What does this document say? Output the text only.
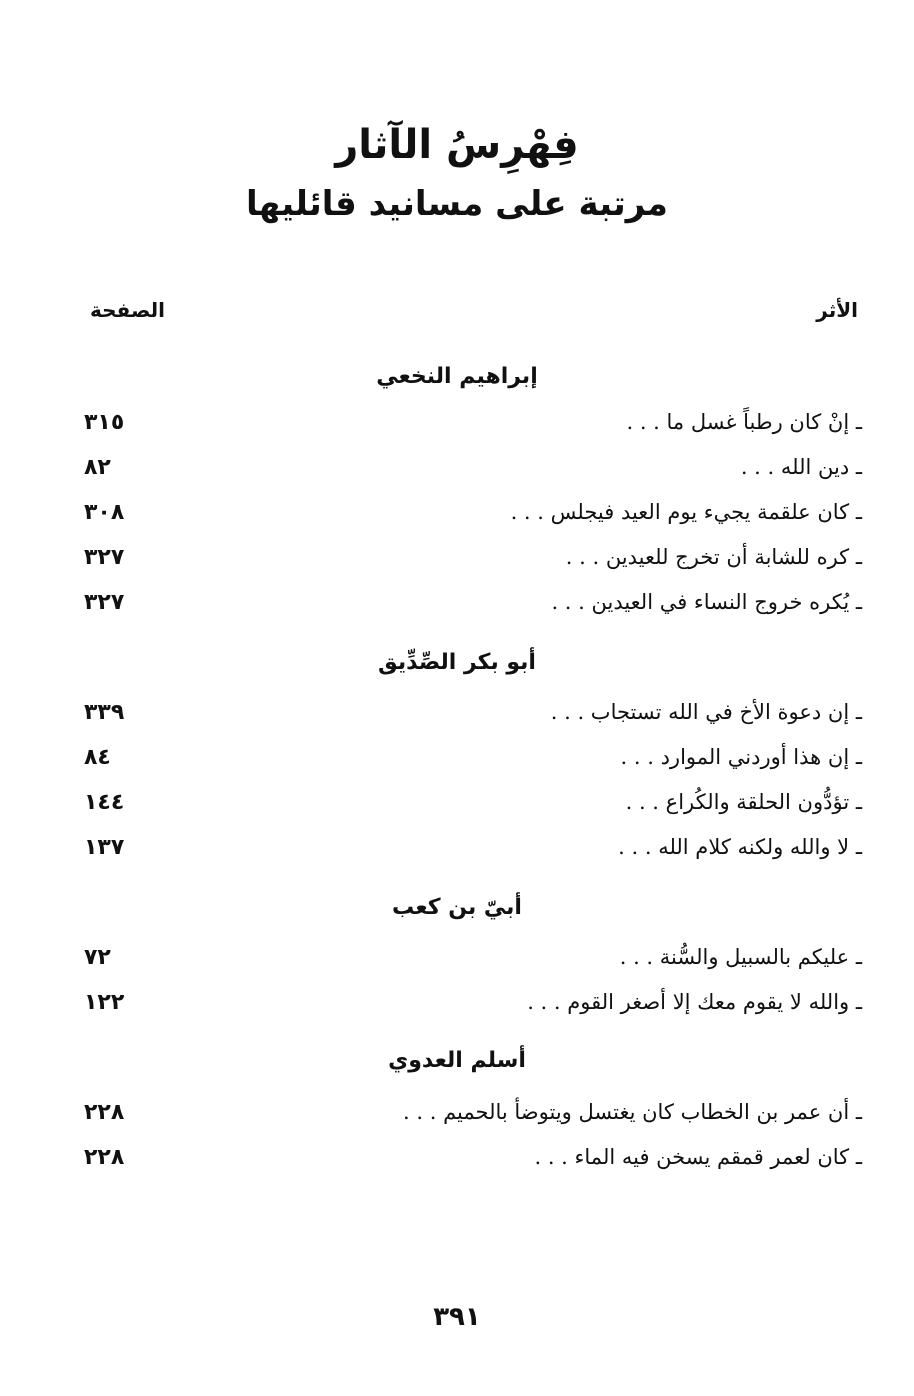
فِهْرِسُ الآثار
مرتبة على مسانيد قائليها
الأثر
الصفحة
إبراهيم النخعي
ـ إنْ كان رطباً غسل ما . . .
٣١٥
ـ دين الله . . .
٨٢
ـ كان علقمة يجيء يوم العيد فيجلس . . .
٣٠٨
ـ كره للشابة أن تخرج للعيدين . . .
٣٢٧
ـ يُكره خروج النساء في العيدين . . .
٣٢٧
أبو بكر الصِّدِّيق
ـ إن دعوة الأخ في الله تستجاب . . .
٣٣٩
ـ إن هذا أوردني الموارد . . .
٨٤
ـ تؤدُّون الحلقة والكُراع . . .
١٤٤
ـ لا والله ولكنه كلام الله . . .
١٣٧
أبيّ بن كعب
ـ عليكم بالسبيل والسُّنة . . .
٧٢
ـ والله لا يقوم معك إلا أصغر القوم . . .
١٢٢
أسلم العدوي
ـ أن عمر بن الخطاب كان يغتسل ويتوضأ بالحميم . . .
٢٢٨
ـ كان لعمر قمقم يسخن فيه الماء . . .
٢٢٨
٣٩١
